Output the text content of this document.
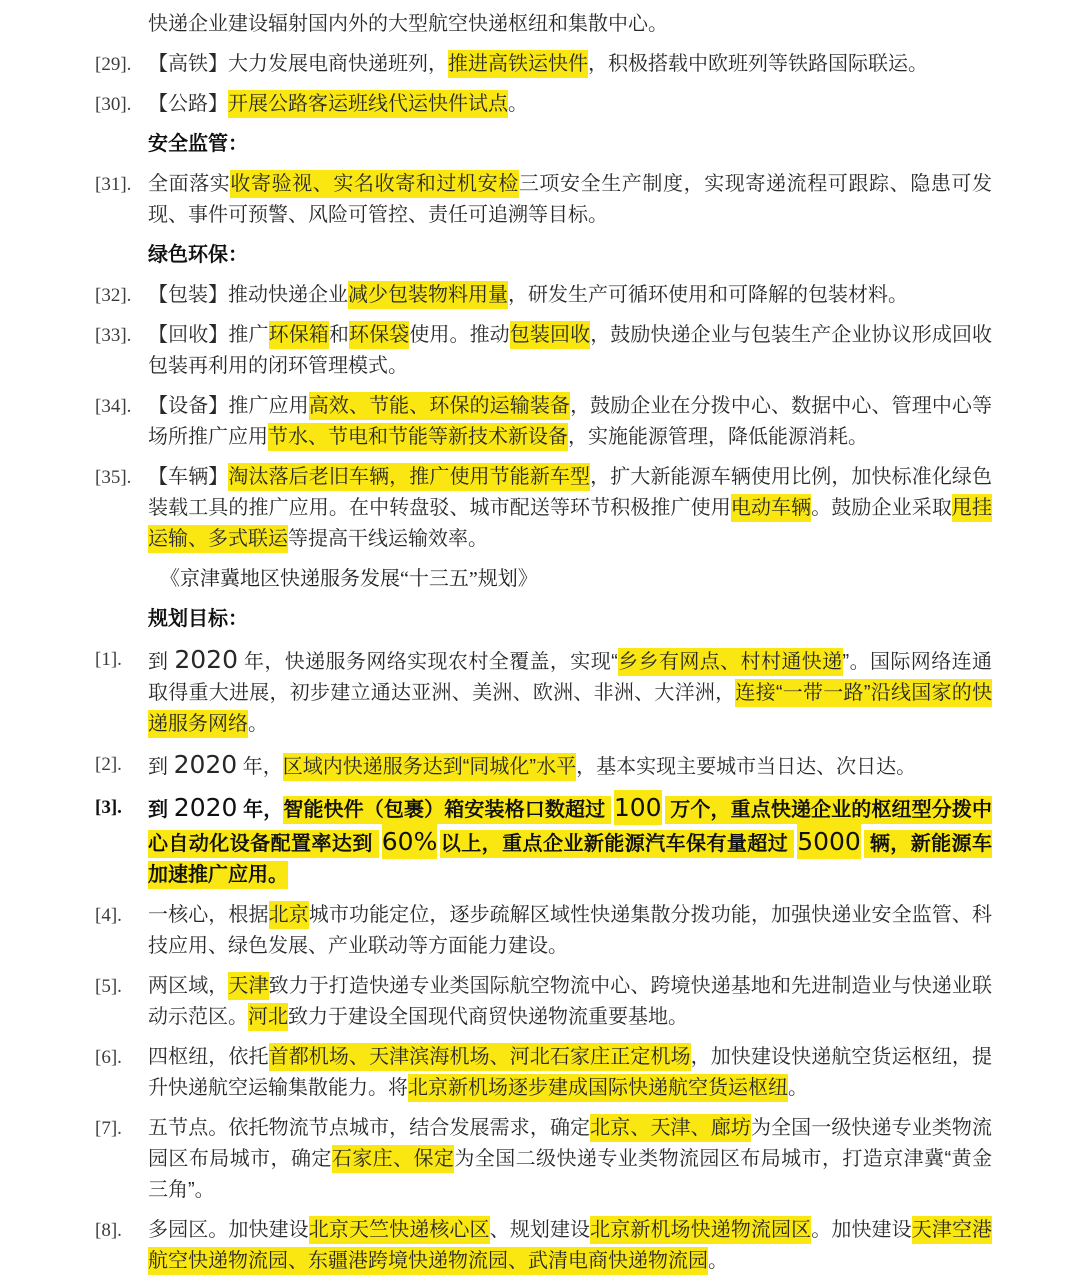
快递企业建设辐射国内外的大型航空快递枢纽和集散中心。
[29]. 【高铁】大力发展电商快递班列，推进高铁运快件，积极搭载中欧班列等铁路国际联运。
[30]. 【公路】开展公路客运班线代运快件试点。
安全监管：
[31]. 全面落实收寄验视、实名收寄和过机安检三项安全生产制度，实现寄递流程可跟踪、隐患可发现、事件可预警、风险可管控、责任可追溯等目标。
绿色环保：
[32]. 【包装】推动快递企业减少包装物料用量，研发生产可循环使用和可降解的包装材料。
[33]. 【回收】推广环保箱和环保袋使用。推动包装回收，鼓励快递企业与包装生产企业协议形成回收包装再利用的闭环管理模式。
[34]. 【设备】推广应用高效、节能、环保的运输装备，鼓励企业在分拨中心、数据中心、管理中心等场所推广应用节水、节电和节能等新技术新设备，实施能源管理，降低能源消耗。
[35]. 【车辆】淘汰落后老旧车辆，推广使用节能新车型，扩大新能源车辆使用比例，加快标准化绿色装载工具的推广应用。在中转盘驳、城市配送等环节积极推广使用电动车辆。鼓励企业采取甩挂运输、多式联运等提高干线运输效率。
《京津冀地区快递服务发展“十三五”规划》
规划目标：
[1].	到 2020 年，快递服务网络实现农村全覆盖，实现“乡乡有网点、村村通快递”。国际网络连通取得重大进展，初步建立通达亚洲、美洲、欧洲、非洲、大洋洲，连接“一带一路”沿线国家的快递服务网络。
[2].	到 2020 年，区域内快递服务达到“同城化”水平，基本实现主要城市当日达、次日达。
[3].	到 2020 年，智能快件（包裹）箱安装格口数超过 100 万个，重点快递企业的枢纽型分拨中心自动化设备配置率达到 60% 以上，重点企业新能源汽车保有量超过 5000 辆，新能源车加速推广应用。
[4].	一核心，根据北京城市功能定位，逐步疏解区域性快递集散分拨功能，加强快递业安全监管、科技应用、绿色发展、产业联动等方面能力建设。
[5].	两区域，天津致力于打造快递专业类国际航空物流中心、跨境快递基地和先进制造业与快递业联动示范区。河北致力于建设全国现代商贸快递物流重要基地。
[6].	四枢纽，依托首都机场、天津滨海机场、河北石家庄正定机场，加快建设快递航空货运枢纽，提升快递航空运输集散能力。将北京新机场逐步建成国际快递航空货运枢纽。
[7].	五节点。依托物流节点城市，结合发展需求，确定北京、天津、廊坊为全国一级快递专业类物流园区布局城市，确定石家庄、保定为全国二级快递专业类物流园区布局城市，打造京津冀“黄金三角”。
[8].	多园区。加快建设北京天竺快递核心区、规划建设北京新机场快递物流园区。加快建设天津空港航空快递物流园、东疆港跨境快递物流园、武清电商快递物流园。
